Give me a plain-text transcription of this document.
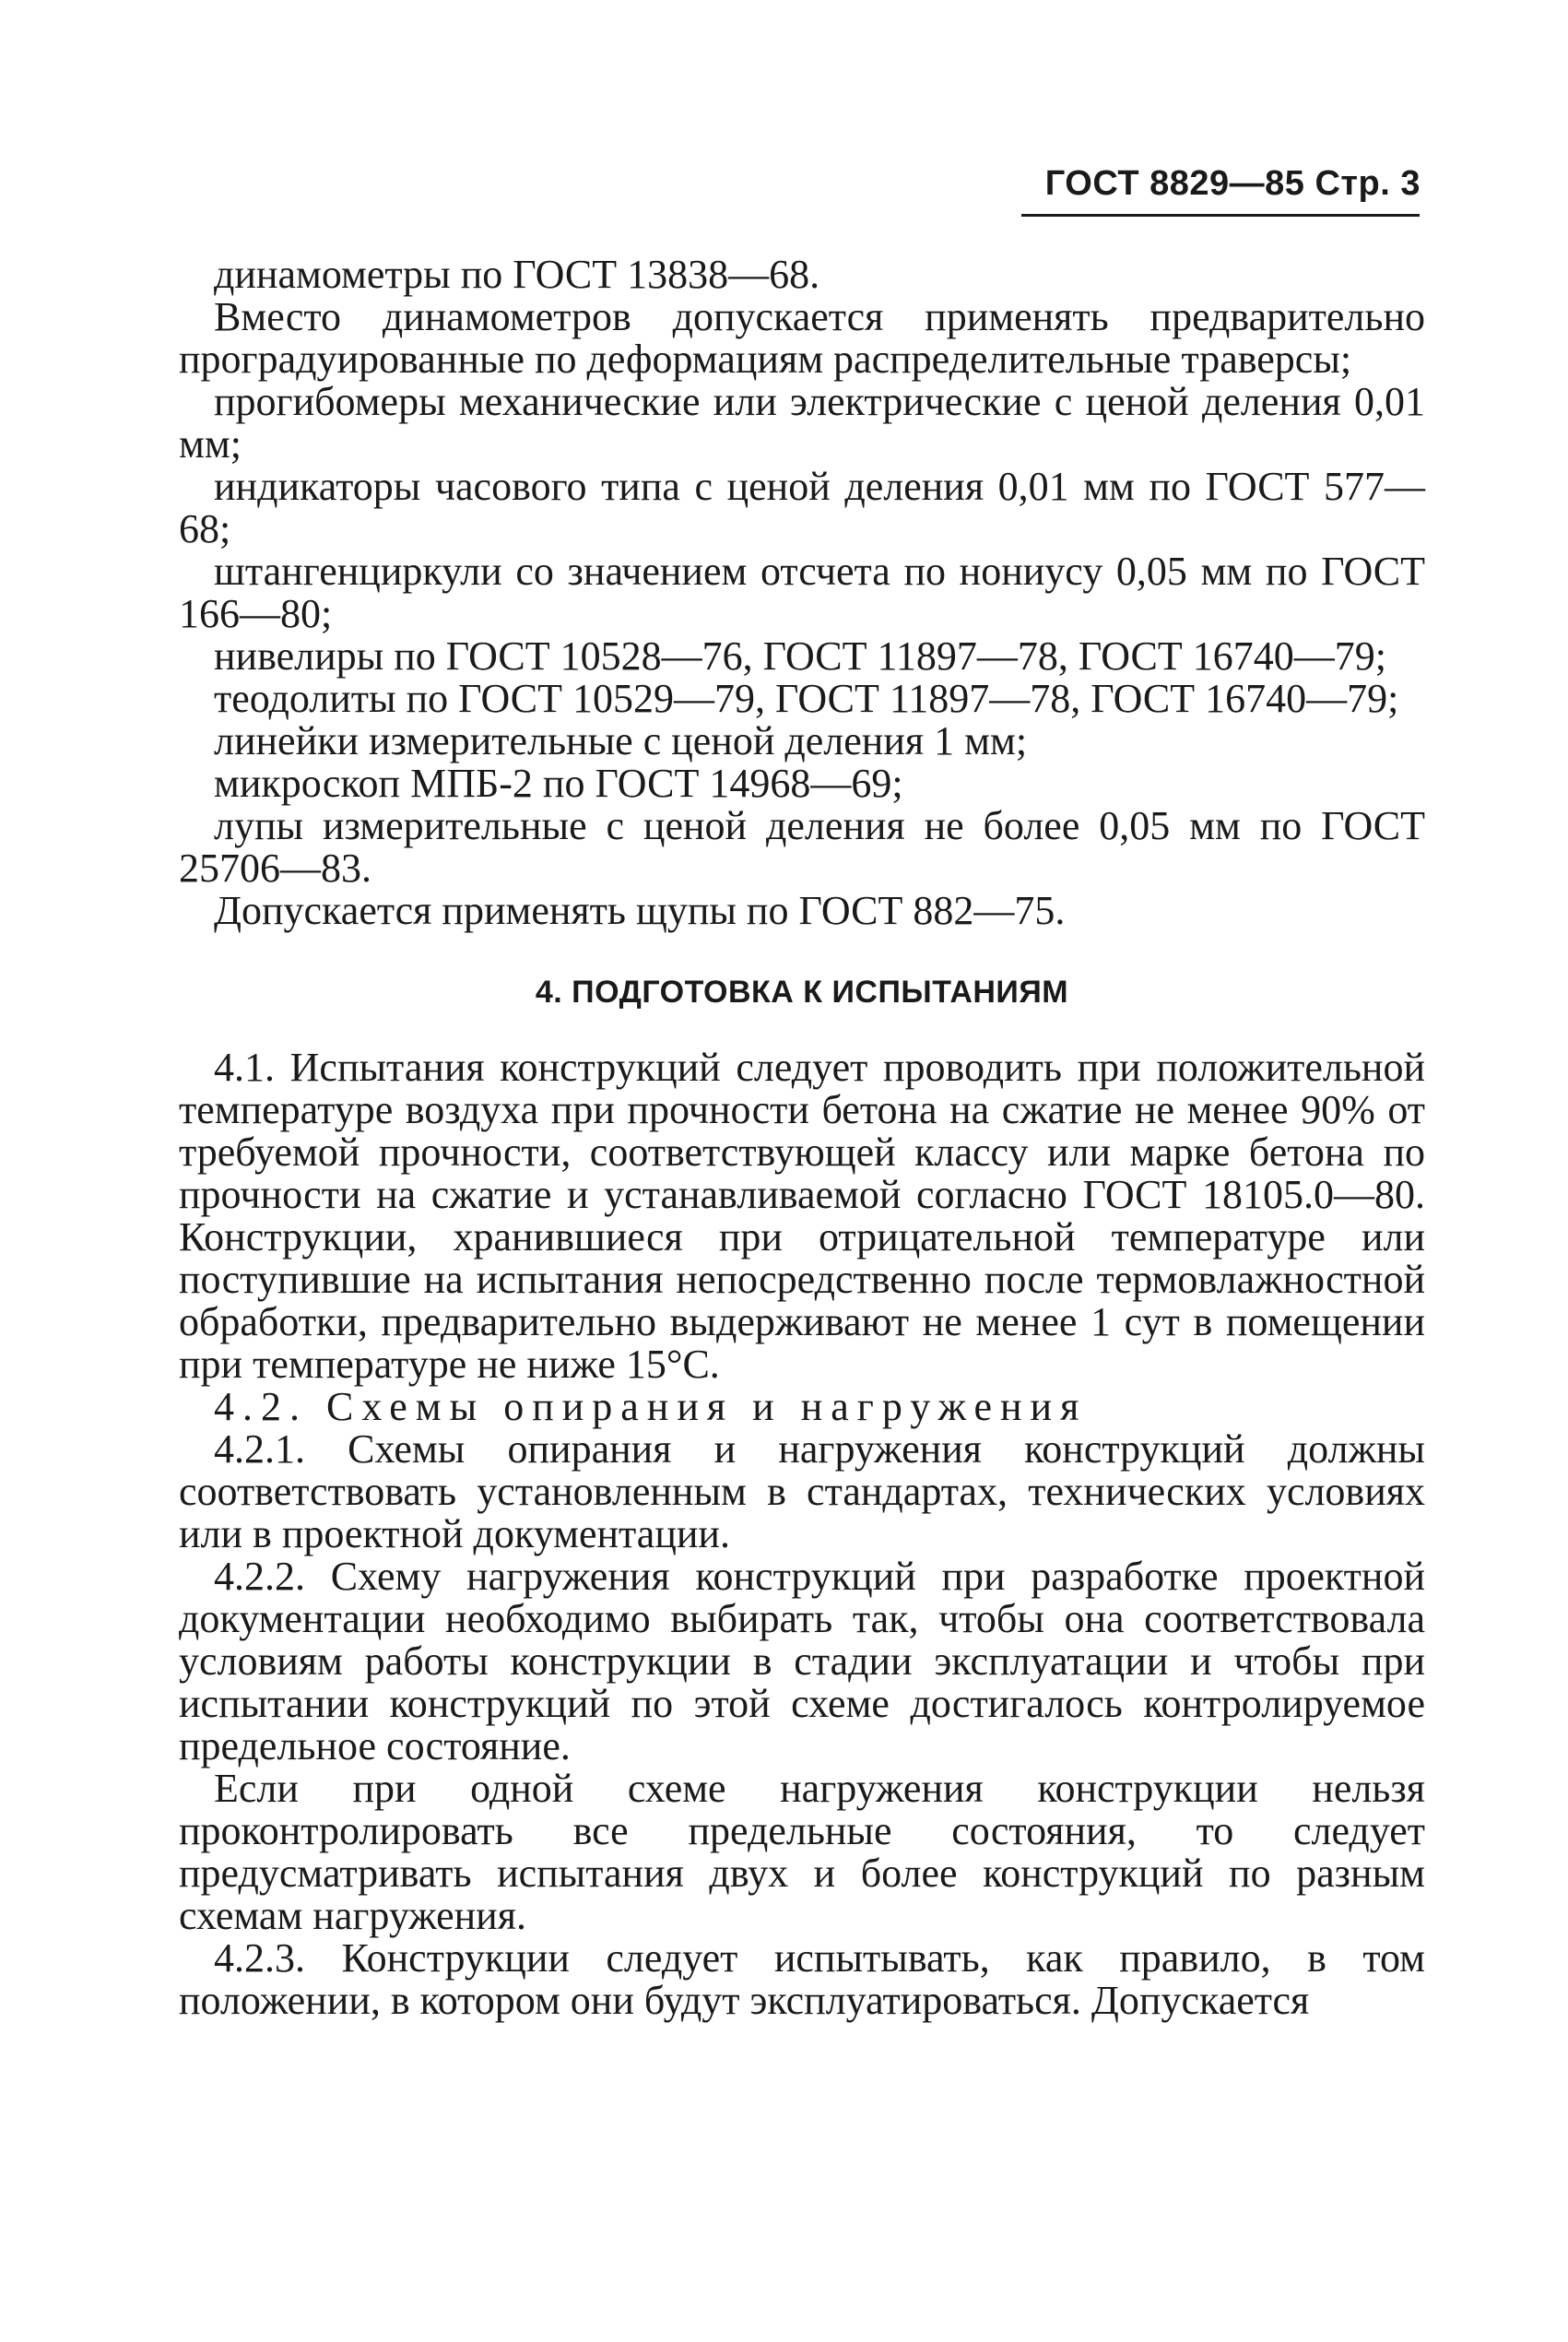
ГОСТ 8829—85 Стр. 3

динамометры по ГОСТ 13838—68.

Вместо динамометров допускается применять предварительно проградуированные по деформациям распределительные траверсы;

прогибомеры механические или электрические с ценой деления 0,01 мм;

индикаторы часового типа с ценой деления 0,01 мм по ГОСТ 577—68;

штангенциркули со значением отсчета по нониусу 0,05 мм по ГОСТ 166—80;

нивелиры по ГОСТ 10528—76, ГОСТ 11897—78, ГОСТ 16740—79;

теодолиты по ГОСТ 10529—79, ГОСТ 11897—78, ГОСТ 16740—79;

линейки измерительные с ценой деления 1 мм;

микроскоп МПБ-2 по ГОСТ 14968—69;

лупы измерительные с ценой деления не более 0,05 мм по ГОСТ 25706—83.

Допускается применять щупы по ГОСТ 882—75.

4. ПОДГОТОВКА К ИСПЫТАНИЯМ

4.1. Испытания конструкций следует проводить при положительной температуре воздуха при прочности бетона на сжатие не менее 90% от требуемой прочности, соответствующей классу или марке бетона по прочности на сжатие и устанавливаемой согласно ГОСТ 18105.0—80. Конструкции, хранившиеся при отрицательной температуре или поступившие на испытания непосредственно после термовлажностной обработки, предварительно выдерживают не менее 1 сут в помещении при температуре не ниже 15°С.

4.2. Схемы опирания и нагружения

4.2.1. Схемы опирания и нагружения конструкций должны соответствовать установленным в стандартах, технических условиях или в проектной документации.

4.2.2. Схему нагружения конструкций при разработке проектной документации необходимо выбирать так, чтобы она соответствовала условиям работы конструкции в стадии эксплуатации и чтобы при испытании конструкций по этой схеме достигалось контролируемое предельное состояние.

Если при одной схеме нагружения конструкции нельзя проконтролировать все предельные состояния, то следует предусматривать испытания двух и более конструкций по разным схемам нагружения.

4.2.3. Конструкции следует испытывать, как правило, в том положении, в котором они будут эксплуатироваться. Допускается
